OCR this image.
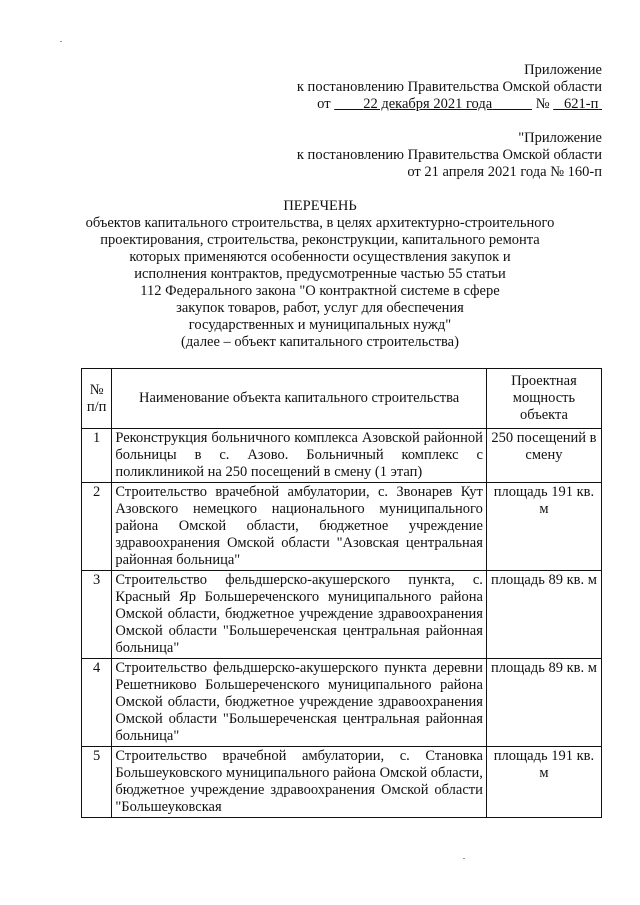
Приложение
к постановлению Правительства Омской области
от 22 декабря 2021 года	№ 621-п
"Приложение
к постановлению Правительства Омской области
от 21 апреля 2021 года № 160-п
ПЕРЕЧЕНЬ
объектов капитального строительства, в целях архитектурно-строительного
проектирования, строительства, реконструкции, капитального ремонта
которых применяются особенности осуществления закупок и
исполнения контрактов, предусмотренные частью 55 статьи
112 Федерального закона "О контрактной системе в сфере
закупок товаров, работ, услуг для обеспечения
государственных и муниципальных нужд"
(далее – объект капитального строительства)
№ п/п	Наименование объекта капитального строительства	Проектная мощность объекта
1	Реконструкция больничного комплекса Азовской районной больницы в с. Азово. Больничный комплекс с поликлиникой на 250 посещений в смену (1 этап)	250 посещений в смену
2	Строительство врачебной амбулатории, с. Звонарев Кут Азовского немецкого национального муниципального района Омской области, бюджетное учреждение здравоохранения Омской области "Азовская центральная районная больница"	площадь 191 кв. м
3	Строительство фельдшерско-акушерского пункта, с. Красный Яр Большереченского муниципального района Омской области, бюджетное учреждение здравоохранения Омской области "Большереченская центральная районная больница"	площадь 89 кв. м
4	Строительство фельдшерско-акушерского пункта деревни Решетниково Большереченского муниципального района Омской области, бюджетное учреждение здравоохранения Омской области "Большереченская центральная районная больница"	площадь 89 кв. м
5	Строительство врачебной амбулатории, с. Становка Большеуковского муниципального района Омской области, бюджетное учреждение здравоохранения Омской области "Большеуковская	площадь 191 кв. м
